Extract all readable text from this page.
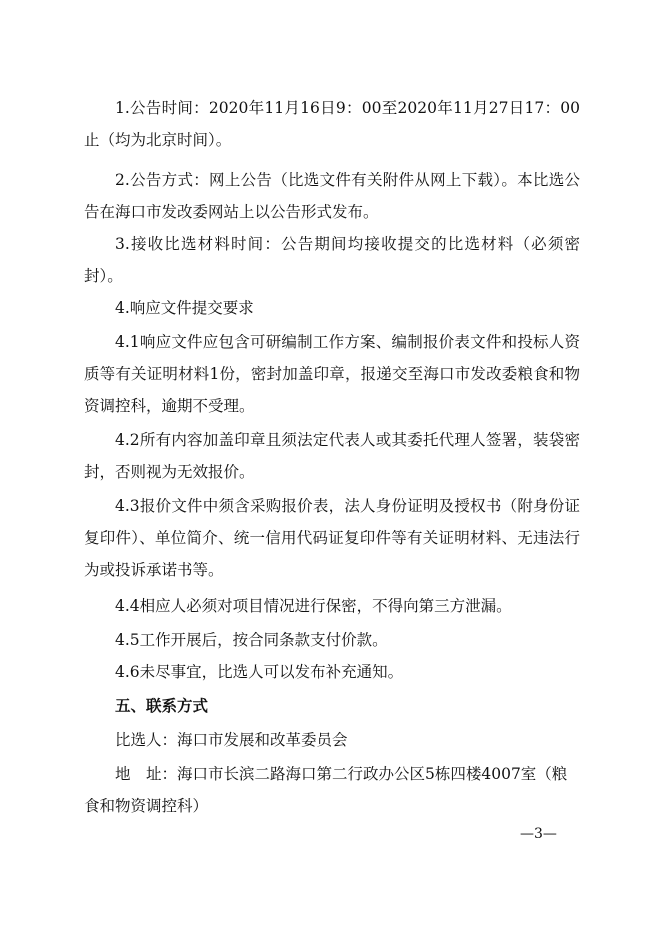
1.公告时间：2020年11月16日9：00至2020年11月27日17：00止（均为北京时间）。

2.公告方式：网上公告（比选文件有关附件从网上下载）。本比选公告在海口市发改委网站上以公告形式发布。

3.接收比选材料时间：公告期间均接收提交的比选材料（必须密封）。

4.响应文件提交要求

4.1响应文件应包含可研编制工作方案、编制报价表文件和投标人资质等有关证明材料1份，密封加盖印章，报递交至海口市发改委粮食和物资调控科，逾期不受理。

4.2所有内容加盖印章且须法定代表人或其委托代理人签署，装袋密封，否则视为无效报价。

4.3报价文件中须含采购报价表，法人身份证明及授权书（附身份证复印件）、单位简介、统一信用代码证复印件等有关证明材料、无违法行为或投诉承诺书等。

4.4相应人必须对项目情况进行保密，不得向第三方泄漏。

4.5工作开展后，按合同条款支付价款。

4.6未尽事宜，比选人可以发布补充通知。

五、联系方式

比选人：海口市发展和改革委员会

地　址：海口市长滨二路海口第二行政办公区5栋四楼4007室（粮食和物资调控科）

—3—
